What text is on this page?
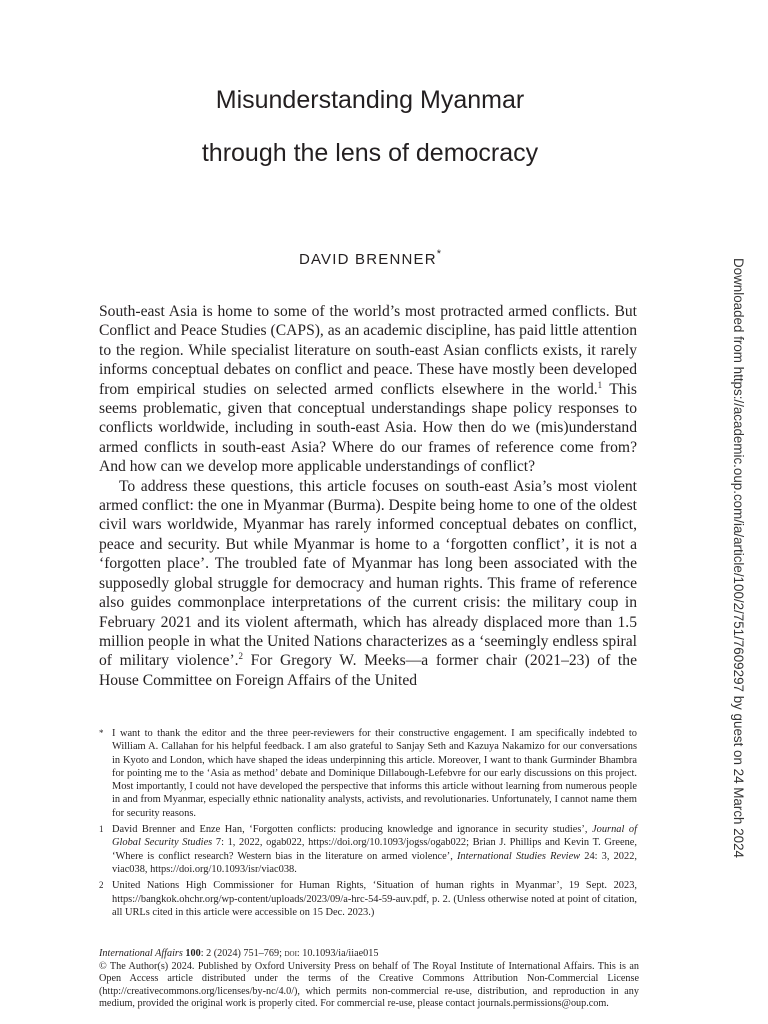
Misunderstanding Myanmar
through the lens of democracy
DAVID BRENNER*

South-east Asia is home to some of the world’s most protracted armed conflicts. But Conflict and Peace Studies (CAPS), as an academic discipline, has paid little attention to the region. While specialist literature on south-east Asian conflicts exists, it rarely informs conceptual debates on conflict and peace. These have mostly been developed from empirical studies on selected armed conflicts elsewhere in the world.$^1$ This seems problematic, given that conceptual understandings shape policy responses to conflicts worldwide, including in south-east Asia. How then do we (mis)understand armed conflicts in south-east Asia? Where do our frames of reference come from? And how can we develop more applicable understandings of conflict?

To address these questions, this article focuses on south-east Asia’s most violent armed conflict: the one in Myanmar (Burma). Despite being home to one of the oldest civil wars worldwide, Myanmar has rarely informed conceptual debates on conflict, peace and security. But while Myanmar is home to a ‘forgotten conflict’, it is not a ‘forgotten place’. The troubled fate of Myanmar has long been associated with the supposedly global struggle for democracy and human rights. This frame of reference also guides commonplace interpretations of the current crisis: the military coup in February 2021 and its violent aftermath, which has already displaced more than 1.5 million people in what the United Nations characterizes as a ‘seemingly endless spiral of military violence’.$^2$ For Gregory W. Meeks—a former chair (2021–23) of the House Committee on Foreign Affairs of the United

* I want to thank the editor and the three peer-reviewers for their constructive engagement. I am specifically indebted to William A. Callahan for his helpful feedback. I am also grateful to Sanjay Seth and Kazuya Nakamizo for our conversations in Kyoto and London, which have shaped the ideas underpinning this article. Moreover, I want to thank Gurminder Bhambra for pointing me to the ‘Asia as method’ debate and Dominique Dillabough-Lefebvre for our early discussions on this project. Most importantly, I could not have developed the perspective that informs this article without learning from numerous people in and from Myanmar, especially ethnic nationality analysts, activists, and revolutionaries. Unfortunately, I cannot name them for security reasons.
1 David Brenner and Enze Han, ‘Forgotten conflicts: producing knowledge and ignorance in security studies’, Journal of Global Security Studies 7: 1, 2022, ogab022, https://doi.org/10.1093/jogss/ogab022; Brian J. Phillips and Kevin T. Greene, ‘Where is conflict research? Western bias in the literature on armed violence’, International Studies Review 24: 3, 2022, viac038, https://doi.org/10.1093/isr/viac038.
2 United Nations High Commissioner for Human Rights, ‘Situation of human rights in Myanmar’, 19 Sept. 2023, https://bangkok.ohchr.org/wp-content/uploads/2023/09/a-hrc-54-59-auv.pdf, p. 2. (Unless otherwise noted at point of citation, all URLs cited in this article were accessible on 15 Dec. 2023.)

International Affairs 100: 2 (2024) 751–769; doi: 10.1093/ia/iiae015

© The Author(s) 2024. Published by Oxford University Press on behalf of The Royal Institute of International Affairs. This is an Open Access article distributed under the terms of the Creative Commons Attribution Non-Commercial License (http://creativecommons.org/licenses/by-nc/4.0/), which permits non-commercial re-use, distribution, and reproduction in any medium, provided the original work is properly cited. For commercial re-use, please contact journals.permissions@oup.com.

Downloaded from https://academic.oup.com/ia/article/100/2/751/7609297 by guest on 24 March 2024
